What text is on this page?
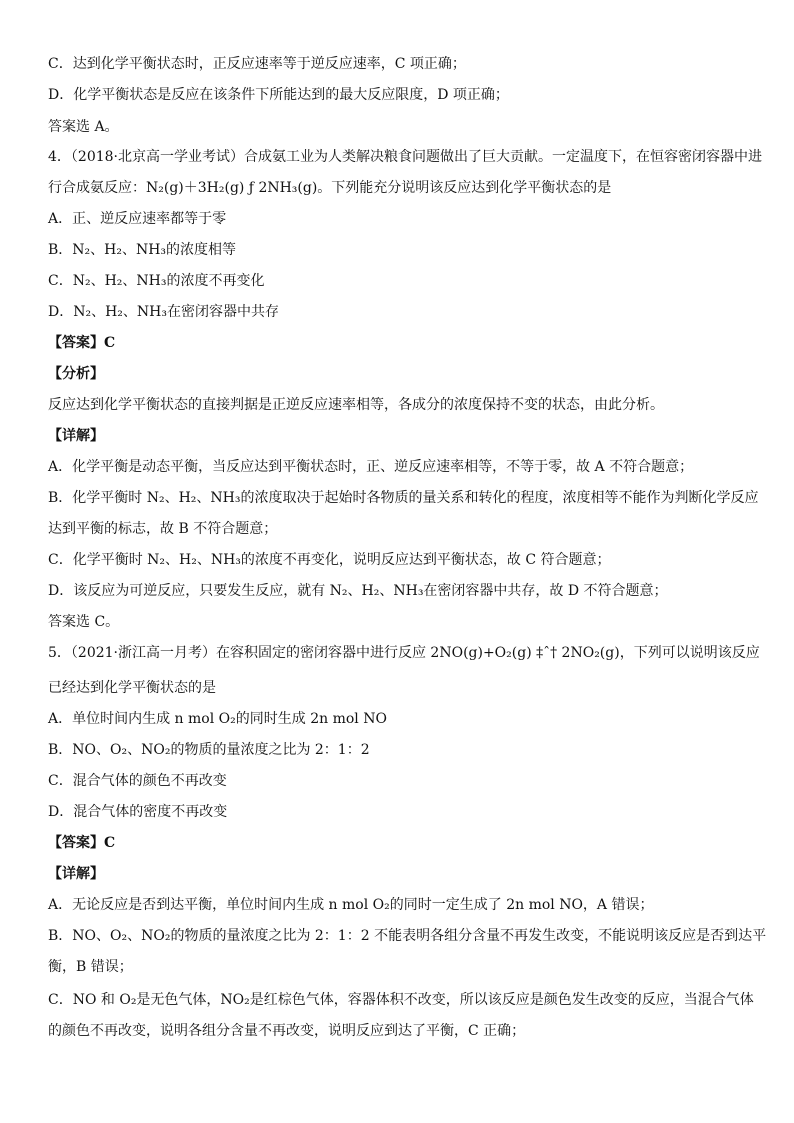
C．达到化学平衡状态时，正反应速率等于逆反应速率，C 项正确；
D．化学平衡状态是反应在该条件下所能达到的最大反应限度，D 项正确；
答案选 A。
4．（2018·北京高一学业考试）合成氨工业为人类解决粮食问题做出了巨大贡献。一定温度下，在恒容密闭容器中进
行合成氨反应：N₂(g)＋3H₂(g) ƒ 2NH₃(g)。下列能充分说明该反应达到化学平衡状态的是
A．正、逆反应速率都等于零
B．N₂、H₂、NH₃的浓度相等
C．N₂、H₂、NH₃的浓度不再变化
D．N₂、H₂、NH₃在密闭容器中共存
【答案】C
【分析】
反应达到化学平衡状态的直接判据是正逆反应速率相等，各成分的浓度保持不变的状态，由此分析。
【详解】
A．化学平衡是动态平衡，当反应达到平衡状态时，正、逆反应速率相等，不等于零，故 A 不符合题意；
B．化学平衡时 N₂、H₂、NH₃的浓度取决于起始时各物质的量关系和转化的程度，浓度相等不能作为判断化学反应
达到平衡的标志，故 B 不符合题意；
C．化学平衡时 N₂、H₂、NH₃的浓度不再变化，说明反应达到平衡状态，故 C 符合题意；
D．该反应为可逆反应，只要发生反应，就有 N₂、H₂、NH₃在密闭容器中共存，故 D 不符合题意；
答案选 C。
5．（2021·浙江高一月考）在容积固定的密闭容器中进行反应 2NO(g)+O₂(g) ‡ˆ† 2NO₂(g)，下列可以说明该反应
已经达到化学平衡状态的是
A．单位时间内生成 n mol O₂的同时生成 2n mol NO
B．NO、O₂、NO₂的物质的量浓度之比为 2：1：2
C．混合气体的颜色不再改变
D．混合气体的密度不再改变
【答案】C
【详解】
A．无论反应是否到达平衡，单位时间内生成 n mol O₂的同时一定生成了 2n mol NO，A 错误；
B．NO、O₂、NO₂的物质的量浓度之比为 2：1：2 不能表明各组分含量不再发生改变，不能说明该反应是否到达平
衡，B 错误；
C．NO 和 O₂是无色气体，NO₂是红棕色气体，容器体积不改变，所以该反应是颜色发生改变的反应，当混合气体
的颜色不再改变，说明各组分含量不再改变，说明反应到达了平衡，C 正确；
